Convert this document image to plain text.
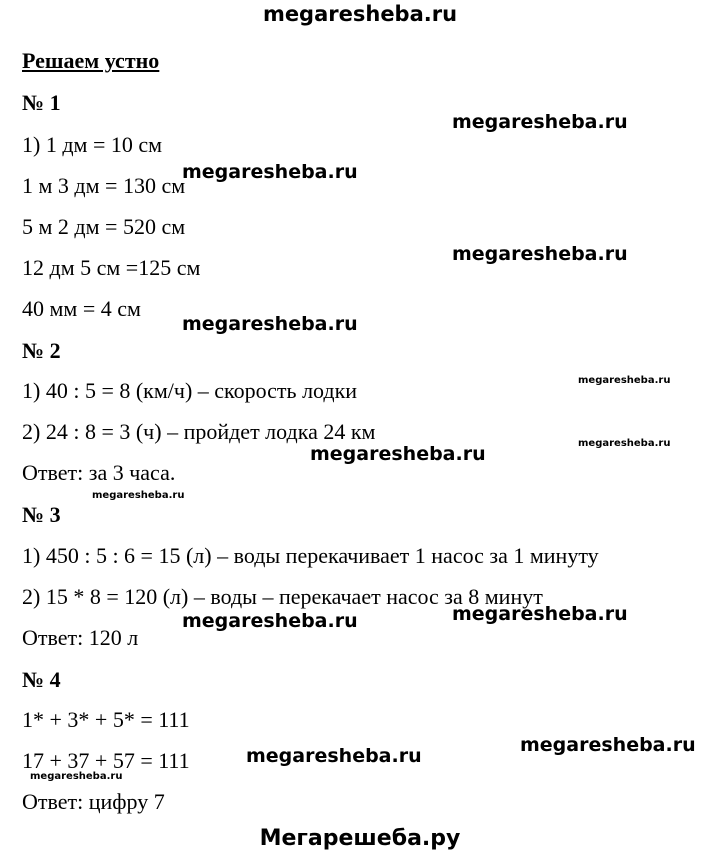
megaresheba.ru
Решаем устно
№ 1
1) 1 дм = 10 см
1 м 3 дм = 130 см
5 м 2 дм = 520 см
12 дм 5 см =125 см
40 мм = 4 см
№ 2
1) 40 : 5 = 8 (км/ч) – скорость лодки
2) 24 : 8 = 3 (ч) – пройдет лодка 24 км
Ответ: за 3 часа.
№ 3
1) 450 : 5 : 6 = 15 (л) – воды перекачивает 1 насос за 1 минуту
2) 15 * 8 = 120 (л) – воды – перекачает насос за 8 минут
Ответ: 120 л
№ 4
1* + 3* + 5* = 111
17 + 37 + 57 = 111
Ответ: цифру 7
megaresheba.ru
megaresheba.ru
megaresheba.ru
megaresheba.ru
megaresheba.ru
megaresheba.ru
megaresheba.ru
megaresheba.ru
megaresheba.ru
megaresheba.ru
megaresheba.ru
megaresheba.ru
megaresheba.ru
Мегарешеба.ру
